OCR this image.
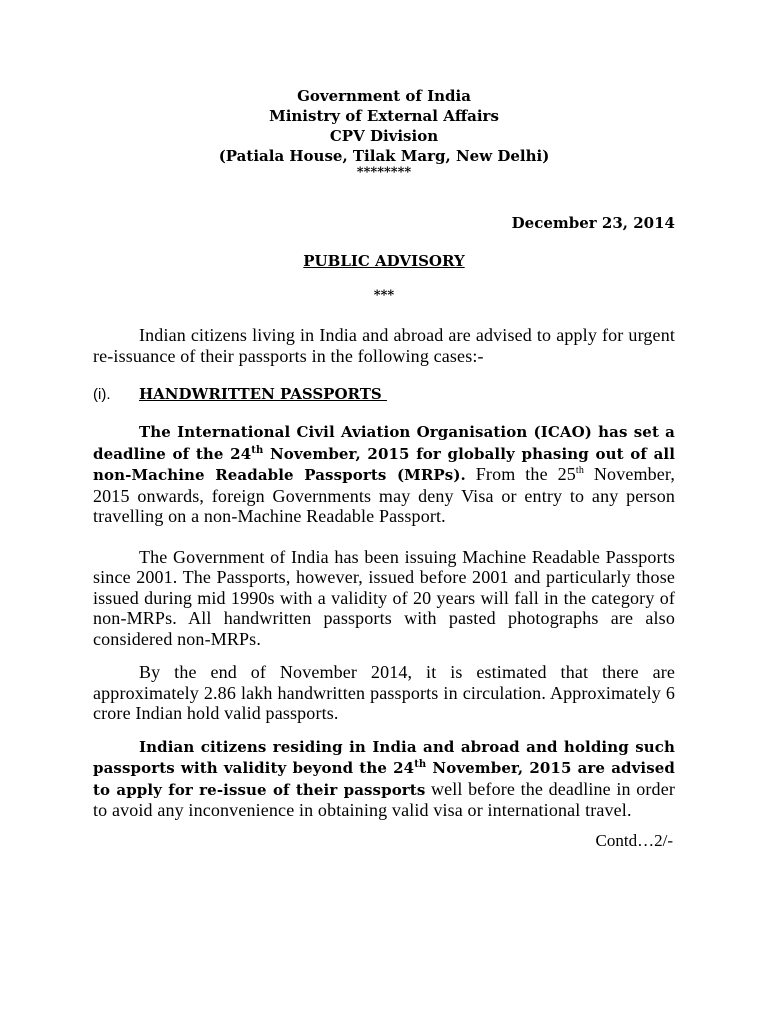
Government of India
Ministry of External Affairs
CPV Division
(Patiala House, Tilak Marg, New Delhi)
********
December 23, 2014
PUBLIC ADVISORY
***

Indian citizens living in India and abroad are advised to apply for urgent re-issuance of their passports in the following cases:-

(i).	HANDWRITTEN PASSPORTS

The International Civil Aviation Organisation (ICAO) has set a deadline of the 24th November, 2015 for globally phasing out of all non-Machine Readable Passports (MRPs). From the 25th November, 2015 onwards, foreign Governments may deny Visa or entry to any person travelling on a non-Machine Readable Passport.

The Government of India has been issuing Machine Readable Passports since 2001. The Passports, however, issued before 2001 and particularly those issued during mid 1990s with a validity of 20 years will fall in the category of non-MRPs. All handwritten passports with pasted photographs are also considered non-MRPs.

By the end of November 2014, it is estimated that there are approximately 2.86 lakh handwritten passports in circulation. Approximately 6 crore Indian hold valid passports.

Indian citizens residing in India and abroad and holding such passports with validity beyond the 24th November, 2015 are advised to apply for re-issue of their passports well before the deadline in order to avoid any inconvenience in obtaining valid visa or international travel.

Contd…2/-
